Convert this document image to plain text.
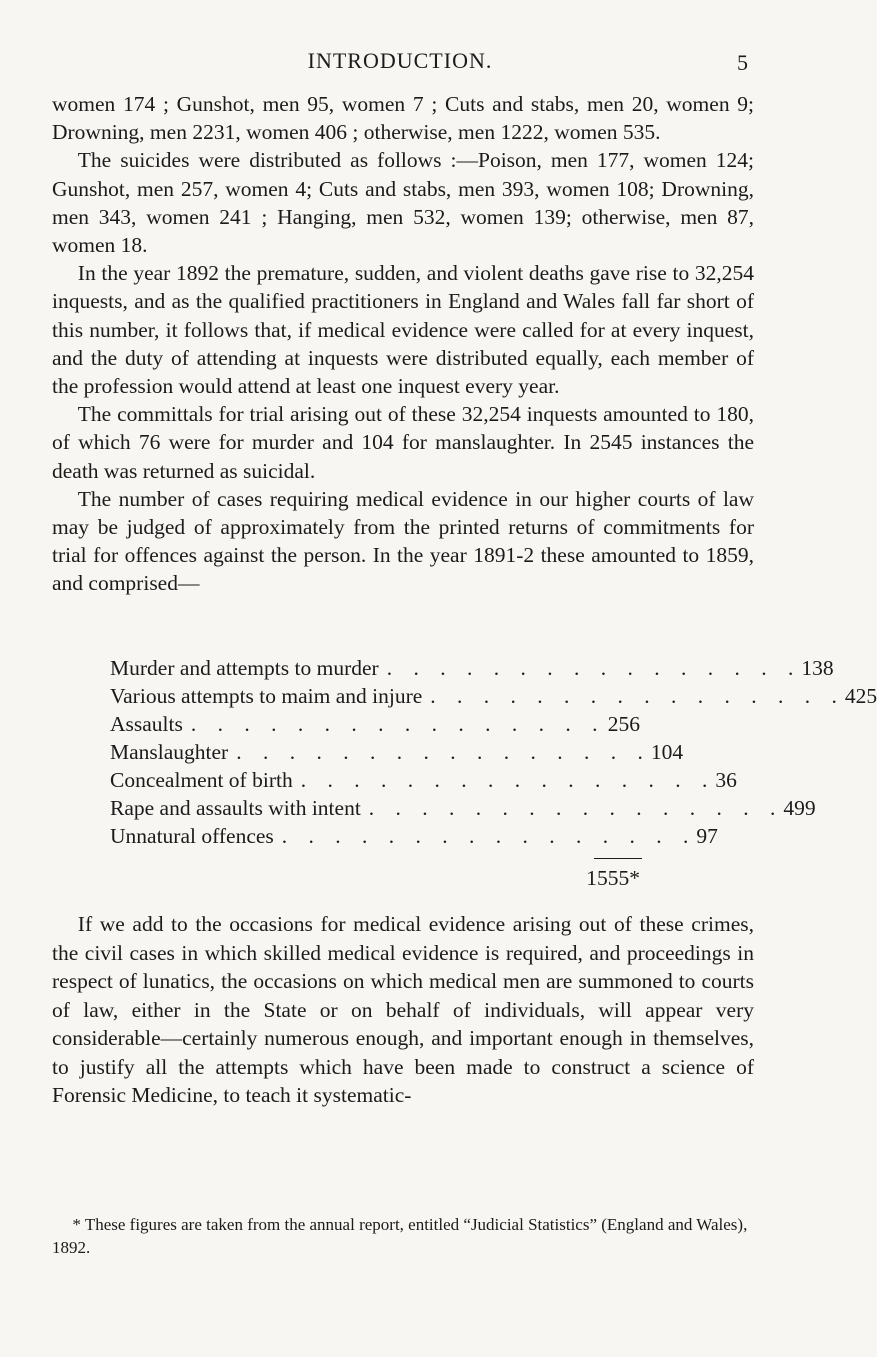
INTRODUCTION.	5

women 174 ; Gunshot, men 95, women 7 ; Cuts and stabs, men 20, women 9; Drowning, men 2231, women 406 ; otherwise, men 1222, women 535.

The suicides were distributed as follows :—Poison, men 177, women 124; Gunshot, men 257, women 4; Cuts and stabs, men 393, women 108; Drowning, men 343, women 241 ; Hanging, men 532, women 139; otherwise, men 87, women 18.

In the year 1892 the premature, sudden, and violent deaths gave rise to 32,254 inquests, and as the qualified practitioners in England and Wales fall far short of this number, it follows that, if medical evidence were called for at every inquest, and the duty of attending at inquests were distributed equally, each member of the profession would attend at least one inquest every year.

The committals for trial arising out of these 32,254 inquests amounted to 180, of which 76 were for murder and 104 for manslaughter. In 2545 instances the death was returned as suicidal.

The number of cases requiring medical evidence in our higher courts of law may be judged of approximately from the printed returns of commitments for trial for offences against the person. In the year 1891-2 these amounted to 1859, and comprised—

Murder and attempts to murder . . . . . . . . . . . . . . . . 138
Various attempts to maim and injure . . . . . . . . . . . . . . . . 425
Assaults . . . . . . . . . . . . . . . . 256
Manslaughter . . . . . . . . . . . . . . . . 104
Concealment of birth . . . . . . . . . . . . . . . . 36
Rape and assaults with intent . . . . . . . . . . . . . . . . 499
Unnatural offences . . . . . . . . . . . . . . . . 97
1555*

If we add to the occasions for medical evidence arising out of these crimes, the civil cases in which skilled medical evidence is required, and proceedings in respect of lunatics, the occasions on which medical men are summoned to courts of law, either in the State or on behalf of individuals, will appear very considerable—certainly numerous enough, and important enough in themselves, to justify all the attempts which have been made to construct a science of Forensic Medicine, to teach it systematic-

* These figures are taken from the annual report, entitled “Judicial Statistics” (England and Wales), 1892.
